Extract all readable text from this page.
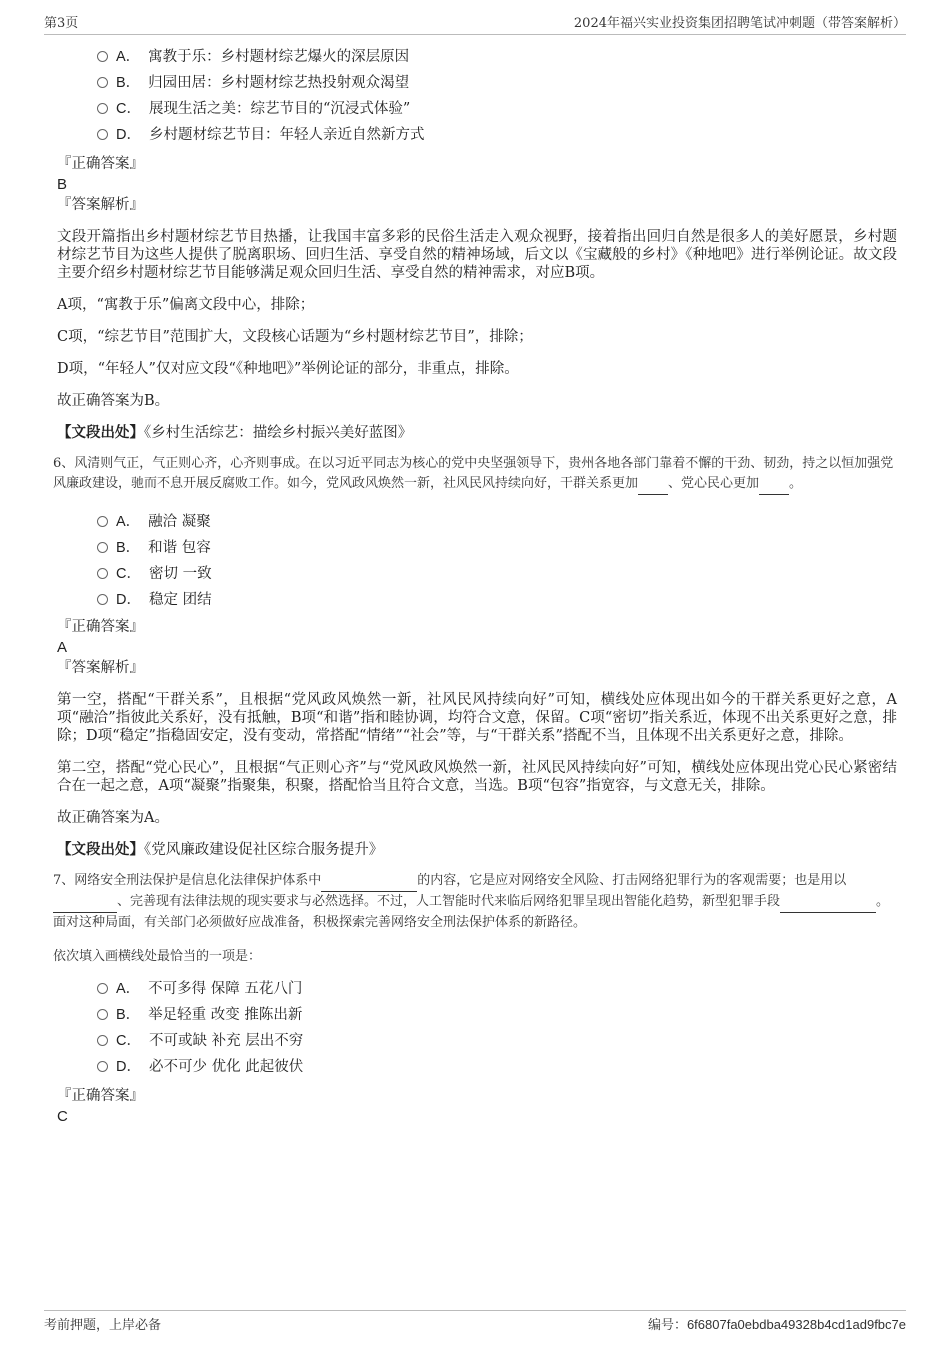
第3页	2024年福兴实业投资集团招聘笔试冲刺题（带答案解析）
A． 寓教于乐：乡村题材综艺爆火的深层原因
B． 归园田居：乡村题材综艺热投射观众渴望
C． 展现生活之美：综艺节目的“沉浸式体验”
D． 乡村题材综艺节目：年轻人亲近自然新方式
『正确答案』
B
『答案解析』

文段开篇指出乡村题材综艺节目热播，让我国丰富多彩的民俗生活走入观众视野，接着指出回归自然是很多人的美好愿景，乡村题材综艺节目为这些人提供了脱离职场、回归生活、享受自然的精神场域，后文以《宝藏般的乡村》《种地吧》进行举例论证。故文段主要介绍乡村题材综艺节目能够满足观众回归生活、享受自然的精神需求，对应B项。

A项，“寓教于乐”偏离文段中心，排除；

C项，“综艺节目”范围扩大，文段核心话题为“乡村题材综艺节目”，排除；

D项，“年轻人”仅对应文段“《种地吧》”举例论证的部分，非重点，排除。

故正确答案为B。

【文段出处】《乡村生活综艺：描绘乡村振兴美好蓝图》
6、风清则气正，气正则心齐，心齐则事成。在以习近平同志为核心的党中央坚强领导下，贵州各地各部门靠着不懈的干劲、韧劲，持之以恒加强党风廉政建设，驰而不息开展反腐败工作。如今，党风政风焕然一新，社风民风持续向好，干群关系更加 、党心民心更加 。
A． 融洽 凝聚
B． 和谐 包容
C． 密切 一致
D． 稳定 团结
『正确答案』
A
『答案解析』

第一空，搭配“干群关系”，且根据“党风政风焕然一新，社风民风持续向好”可知，横线处应体现出如今的干群关系更好之意，A项“融洽”指彼此关系好，没有抵触，B项“和谐”指和睦协调，均符合文意，保留。C项“密切”指关系近，体现不出关系更好之意，排除；D项“稳定”指稳固安定，没有变动，常搭配“情绪”“社会”等，与“干群关系”搭配不当，且体现不出关系更好之意，排除。

第二空，搭配“党心民心”，且根据“气正则心齐”与“党风政风焕然一新，社风民风持续向好”可知，横线处应体现出党心民心紧密结合在一起之意，A项“凝聚”指聚集，积聚，搭配恰当且符合文意，当选。B项“包容”指宽容，与文意无关，排除。

故正确答案为A。

【文段出处】《党风廉政建设促社区综合服务提升》
7、网络安全刑法保护是信息化法律保护体系中	的内容，它是应对网络安全风险、打击网络犯罪行为的客观需要；也是用以 、完善现有法律法规的现实要求与必然选择。不过，人工智能时代来临后网络犯罪呈现出智能化趋势，新型犯罪手段	。面对这种局面，有关部门必须做好应战准备，积极探索完善网络安全刑法保护体系的新路径。
依次填入画横线处最恰当的一项是：
A． 不可多得 保障 五花八门
B． 举足轻重 改变 推陈出新
C． 不可或缺 补充 层出不穷
D． 必不可少 优化 此起彼伏
『正确答案』
C
考前押题，上岸必备	编号：6f6807fa0ebdba49328b4cd1ad9fbc7e
